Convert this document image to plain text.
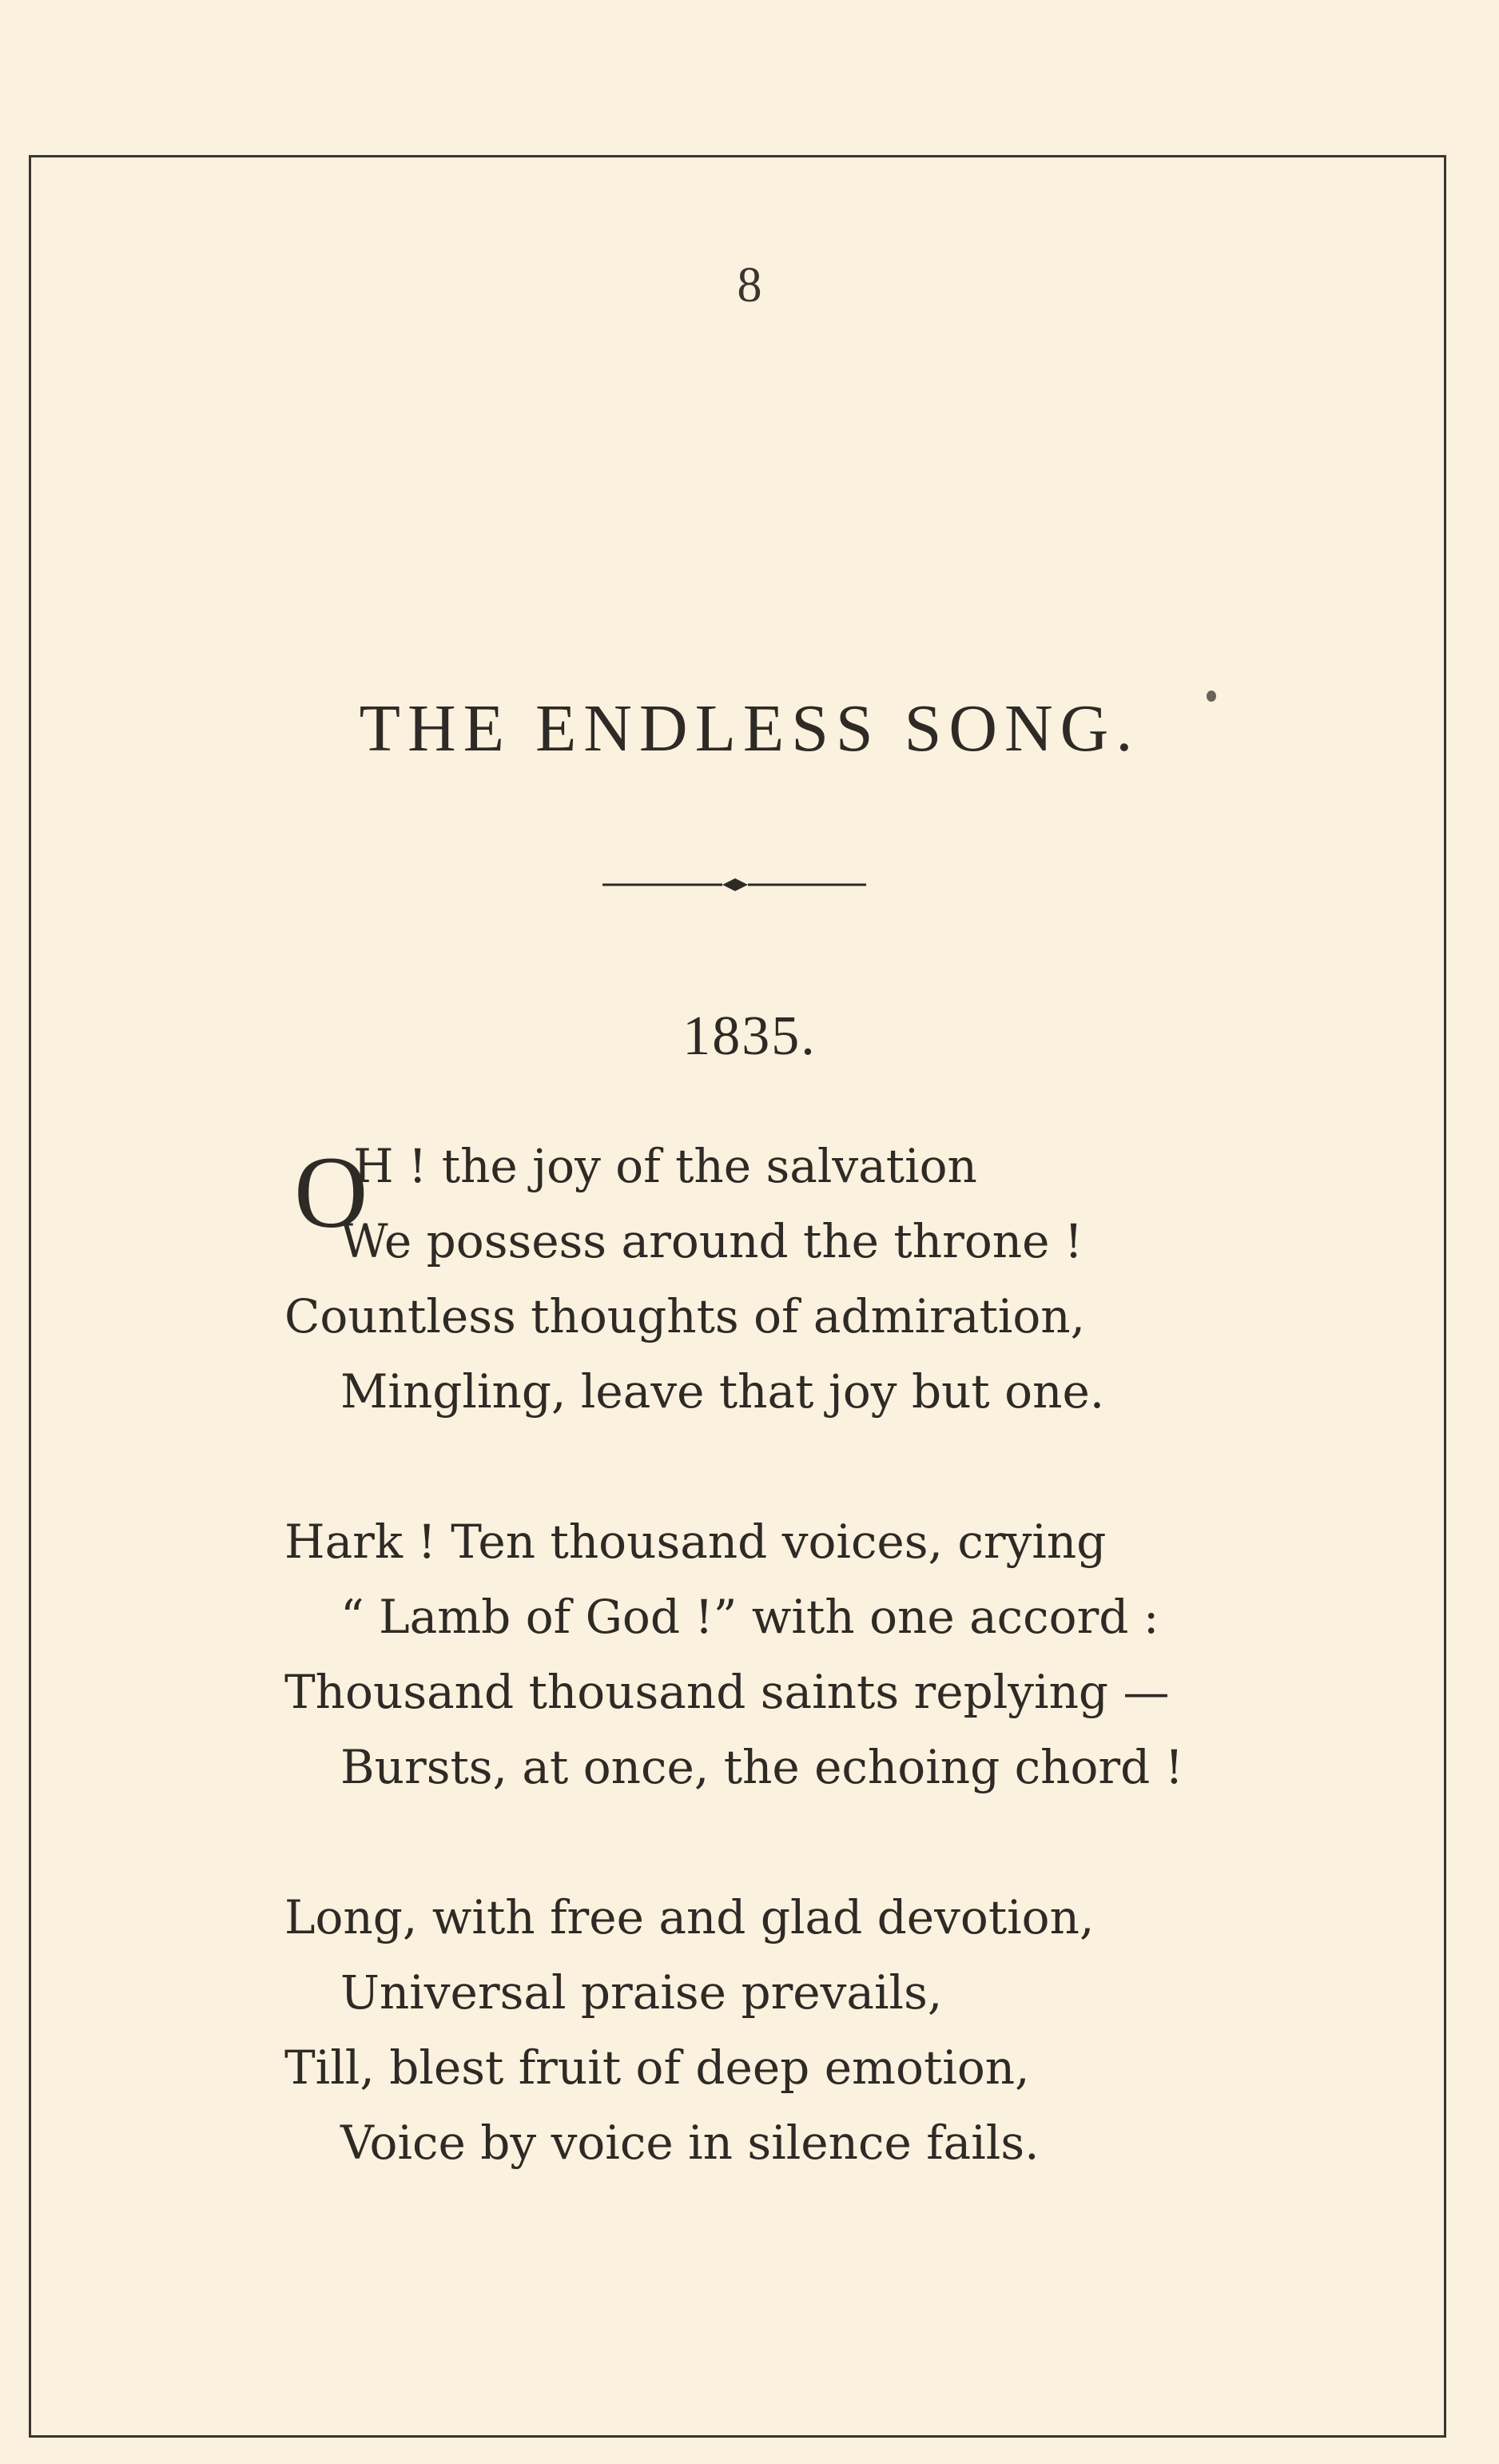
8
THE ENDLESS SONG.
1835.
O
H ! the joy of the salvation
We possess around the throne !
Countless thoughts of admiration,
Mingling, leave that joy but one.
Hark ! Ten thousand voices, crying
“ Lamb of God !” with one accord :
Thousand thousand saints replying —
Bursts, at once, the echoing chord !
Long, with free and glad devotion,
Universal praise prevails,
Till, blest fruit of deep emotion,
Voice by voice in silence fails.
